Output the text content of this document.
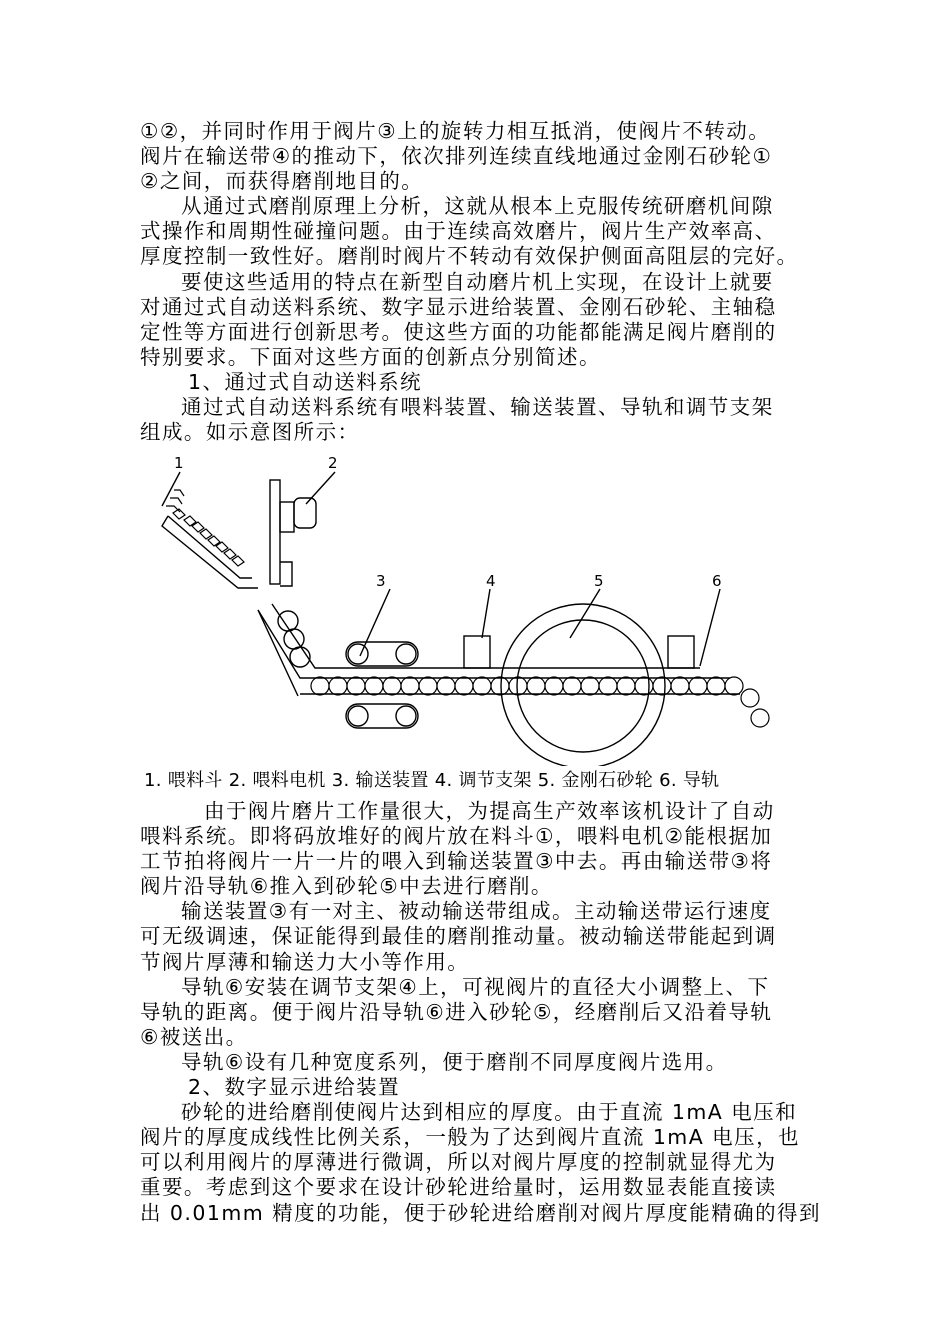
①②，并同时作用于阀片③上的旋转力相互抵消，使阀片不转动。
阀片在输送带④的推动下，依次排列连续直线地通过金刚石砂轮①
②之间，而获得磨削地目的。

从通过式磨削原理上分析，这就从根本上克服传统研磨机间隙
式操作和周期性碰撞问题。由于连续高效磨片，阀片生产效率高、
厚度控制一致性好。磨削时阀片不转动有效保护侧面高阻层的完好。

要使这些适用的特点在新型自动磨片机上实现，在设计上就要
对通过式自动送料系统、数字显示进给装置、金刚石砂轮、主轴稳
定性等方面进行创新思考。使这些方面的功能都能满足阀片磨削的
特别要求。下面对这些方面的创新点分别简述。

1、通过式自动送料系统

通过式自动送料系统有喂料装置、输送装置、导轨和调节支架
组成。如示意图所示：

1	2
3	4	5	6
1. 喂料斗 2. 喂料电机 3. 输送装置 4. 调节支架 5. 金刚石砂轮 6. 导轨

由于阀片磨片工作量很大，为提高生产效率该机设计了自动
喂料系统。即将码放堆好的阀片放在料斗①，喂料电机②能根据加
工节拍将阀片一片一片的喂入到输送装置③中去。再由输送带③将
阀片沿导轨⑥推入到砂轮⑤中去进行磨削。

输送装置③有一对主、被动输送带组成。主动输送带运行速度
可无级调速，保证能得到最佳的磨削推动量。被动输送带能起到调
节阀片厚薄和输送力大小等作用。

导轨⑥安装在调节支架④上，可视阀片的直径大小调整上、下
导轨的距离。便于阀片沿导轨⑥进入砂轮⑤，经磨削后又沿着导轨
⑥被送出。

导轨⑥设有几种宽度系列，便于磨削不同厚度阀片选用。

2、数字显示进给装置

砂轮的进给磨削使阀片达到相应的厚度。由于直流 1mA 电压和
阀片的厚度成线性比例关系，一般为了达到阀片直流 1mA 电压，也
可以利用阀片的厚薄进行微调，所以对阀片厚度的控制就显得尤为
重要。考虑到这个要求在设计砂轮进给量时，运用数显表能直接读
出 0.01mm 精度的功能，便于砂轮进给磨削对阀片厚度能精确的得到
